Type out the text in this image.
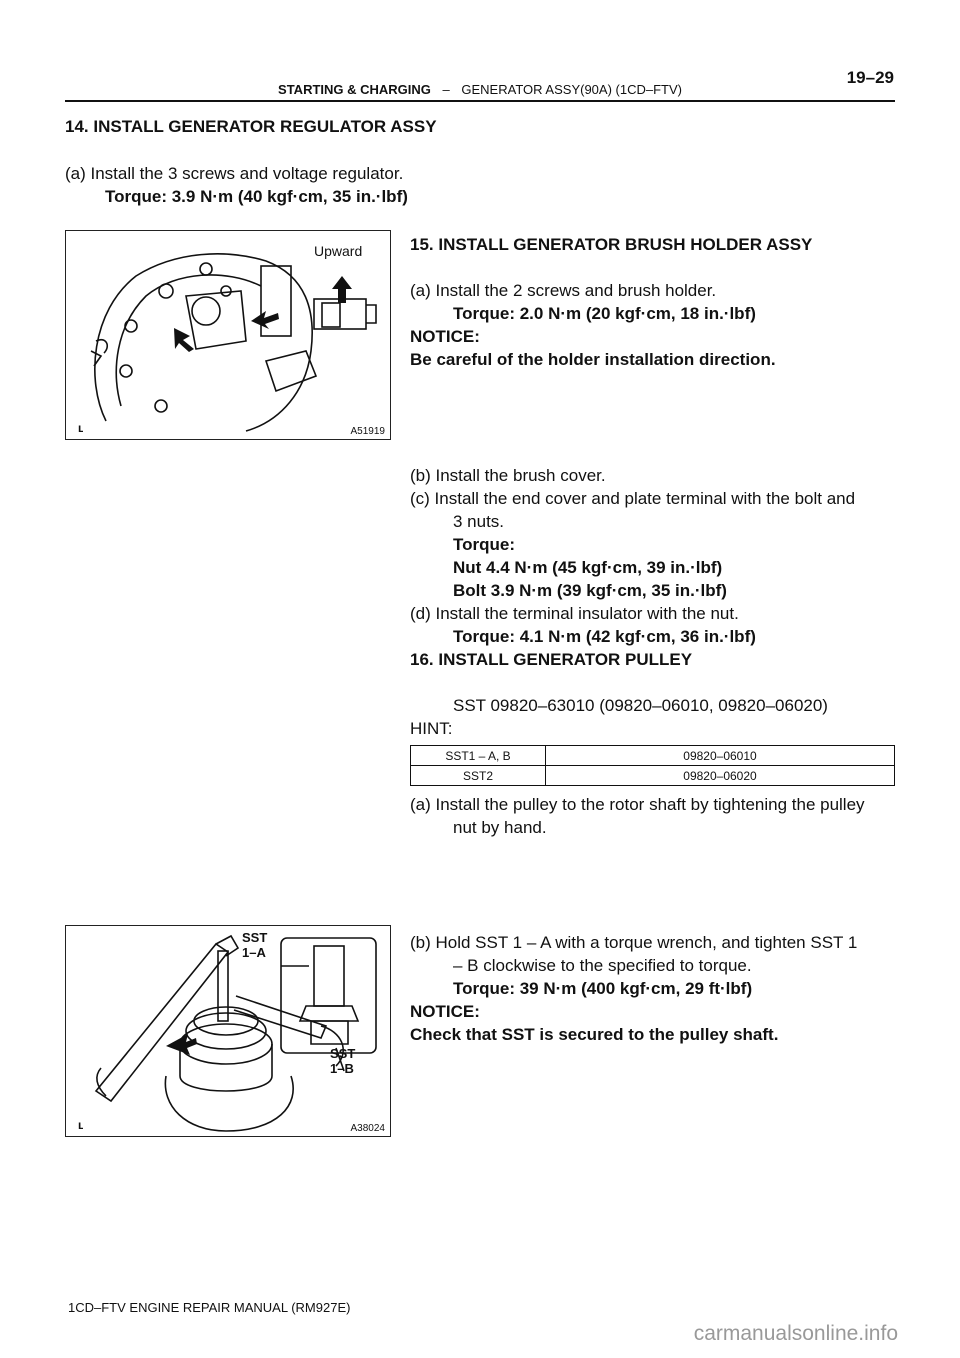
19–29
STARTING & CHARGING – GENERATOR ASSY(90A) (1CD–FTV)
14. INSTALL GENERATOR REGULATOR ASSY
(a) Install the 3 screws and voltage regulator.
Torque: 3.9 N·m (40 kgf·cm, 35 in.·lbf)
Upward
ʟ	A51919
15. INSTALL GENERATOR BRUSH HOLDER ASSY
(a) Install the 2 screws and brush holder.
Torque: 2.0 N·m (20 kgf·cm, 18 in.·lbf)
NOTICE:
Be careful of the holder installation direction.
(b) Install the brush cover.
(c) Install the end cover and plate terminal with the bolt and
3 nuts.
Torque:
Nut 4.4 N·m (45 kgf·cm, 39 in.·lbf)
Bolt 3.9 N·m (39 kgf·cm, 35 in.·lbf)
(d) Install the terminal insulator with the nut.
Torque: 4.1 N·m (42 kgf·cm, 36 in.·lbf)
16. INSTALL GENERATOR PULLEY
SST 09820–63010 (09820–06010, 09820–06020)
HINT:
SST1 – A, B	09820–06010
SST2	09820–06020
(a) Install the pulley to the rotor shaft by tightening the pulley
nut by hand.
(b) Hold SST 1 – A with a torque wrench, and tighten SST 1
– B clockwise to the specified to torque.
Torque: 39 N·m (400 kgf·cm, 29 ft·lbf)
NOTICE:
Check that SST is secured to the pulley shaft.
SST
1–A
SST
1–B
ʟ	A38024
1CD–FTV ENGINE REPAIR MANUAL (RM927E)
carmanualsonline.info
